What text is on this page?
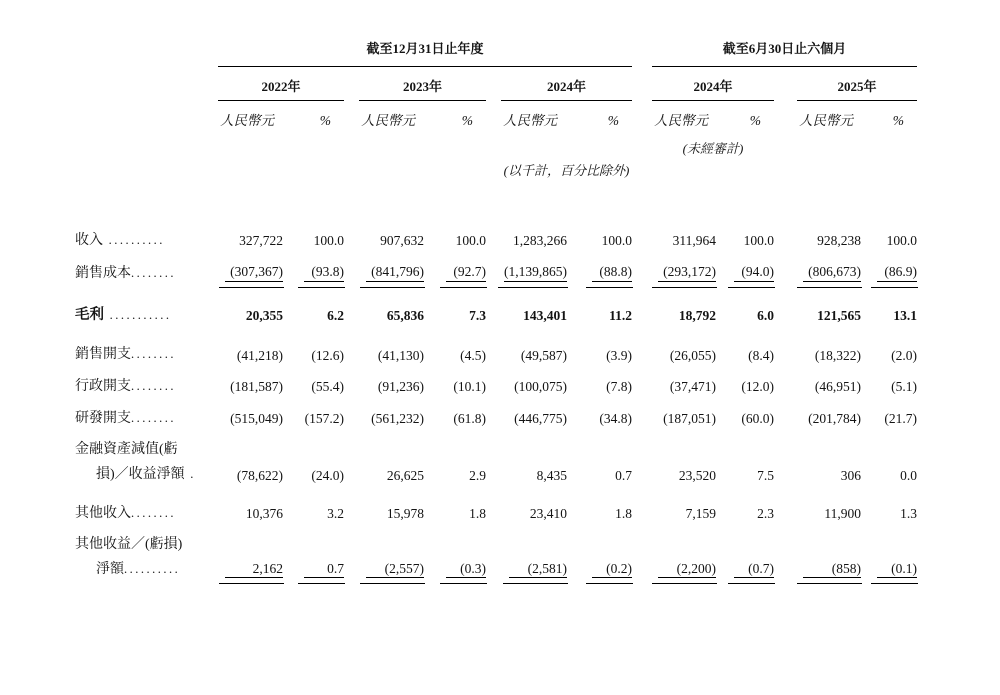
	截至12月31日止年度									截至6月30日止六個月				
	2022年			2023年			2024年			2024年			2025年	
	人民幣元	%		人民幣元	%		人民幣元	%		人民幣元	%		人民幣元	%
										(未經審計)				
							(以千計，百分比除外)							

收入 ..........	327,722	100.0		907,632	100.0		1,283,266	100.0		311,964	100.0		928,238	100.0
銷售成本........	(307,367)	(93.8)		(841,796)	(92.7)		(1,139,865)	(88.8)		(293,172)	(94.0)		(806,673)	(86.9)
毛利 ...........	20,355	6.2		65,836	7.3		143,401	11.2		18,792	6.0		121,565	13.1
銷售開支........	(41,218)	(12.6)		(41,130)	(4.5)		(49,587)	(3.9)		(26,055)	(8.4)		(18,322)	(2.0)
行政開支........	(181,587)	(55.4)		(91,236)	(10.1)		(100,075)	(7.8)		(37,471)	(12.0)		(46,951)	(5.1)
研發開支........	(515,049)	(157.2)		(561,232)	(61.8)		(446,775)	(34.8)		(187,051)	(60.0)		(201,784)	(21.7)

金融資產減值(虧
損)／收益淨額 .	(78,622)	(24.0)		26,625	2.9		8,435	0.7		23,520	7.5		306	0.0
其他收入........	10,376	3.2		15,978	1.8		23,410	1.8		7,159	2.3		11,900	1.3

其他收益／(虧損)
淨額..........	2,162	0.7		(2,557)	(0.3)		(2,581)	(0.2)		(2,200)	(0.7)		(858)	(0.1)
